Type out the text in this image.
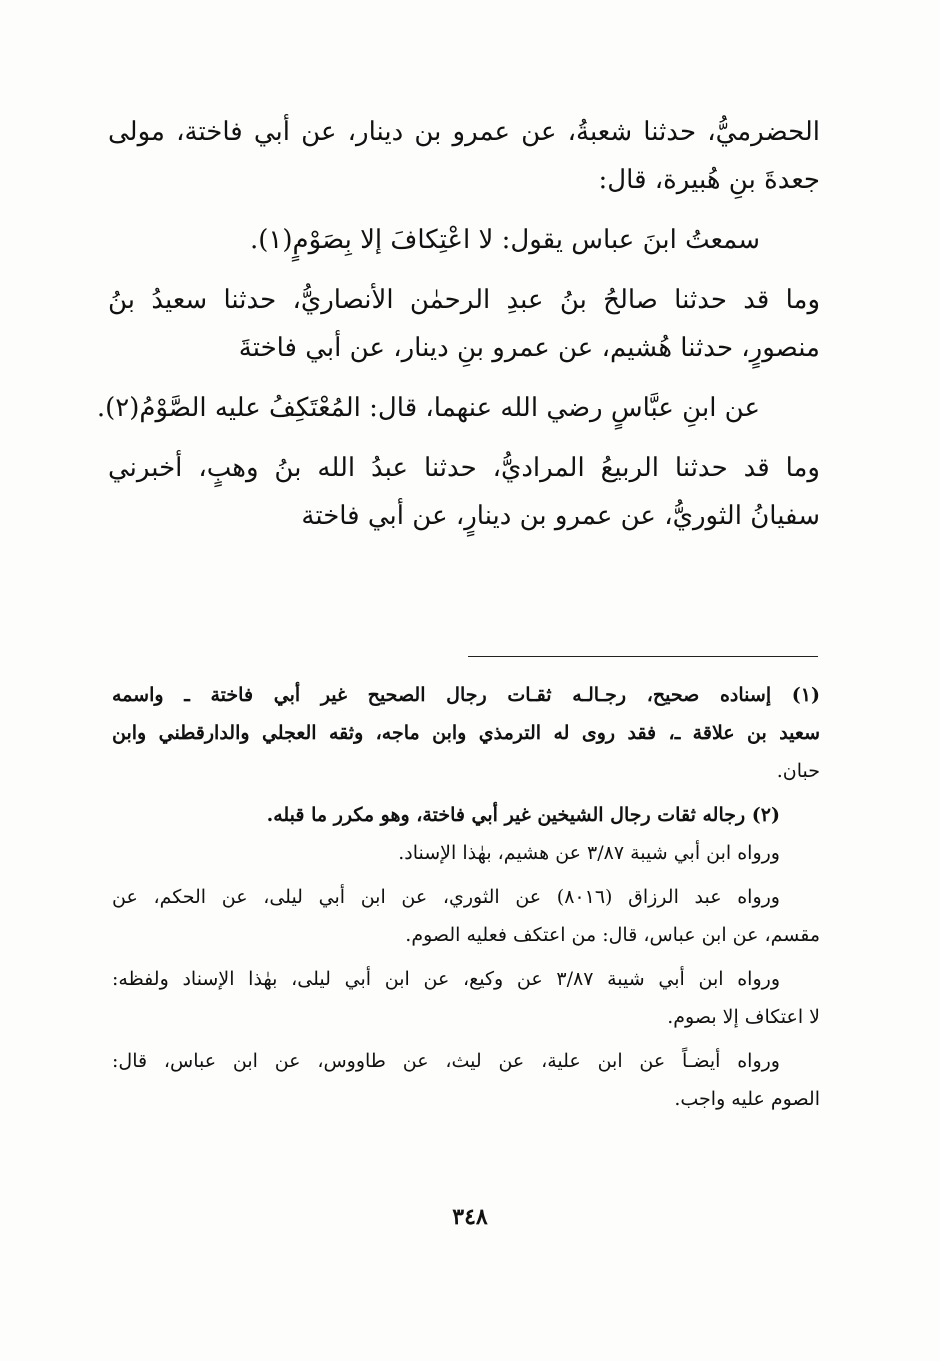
الحضرميُّ، حدثنا شعبةُ، عن عمرو بن دينار، عن أبي فاختة، مولى
جعدةَ بنِ هُبيرة، قال:
سمعتُ ابنَ عباس يقول: لا اعْتِكافَ إلا بِصَوْمٍ(١).
وما قد حدثنا صالحُ بنُ عبدِ الرحمٰن الأنصاريُّ، حدثنا سعيدُ بنُ
منصورٍ، حدثنا هُشيم، عن عمرو بنِ دينار، عن أبي فاختةَ
عن ابنِ عبَّاسٍ رضي الله عنهما، قال: المُعْتَكِفُ عليه الصَّوْمُ(٢).
وما قد حدثنا الربيعُ المراديُّ، حدثنا عبدُ الله بنُ وهبٍ، أخبرني
سفيانُ الثوريُّ، عن عمرو بن دينارٍ، عن أبي فاختة
(١) إسناده صحيح، رجـالـه ثقـات رجال الصحيح غير أبي فاختة ـ واسمه
سعيد بن علاقة ـ، فقد روى له الترمذي وابن ماجه، وثقه العجلي والدارقطني وابن
حبان.
(٢) رجاله ثقات رجال الشيخين غير أبي فاختة، وهو مكرر ما قبله.
ورواه ابن أبي شيبة ٣/٨٧ عن هشيم، بهٰذا الإسناد.
ورواه عبد الرزاق (٨٠١٦) عن الثوري، عن ابن أبي ليلى، عن الحكم، عن
مقسم، عن ابن عباس، قال: من اعتكف فعليه الصوم.
ورواه ابن أبي شيبة ٣/٨٧ عن وكيع، عن ابن أبي ليلى، بهٰذا الإسناد ولفظه:
لا اعتكاف إلا بصوم.
ورواه أيضـاً عن ابن علية، عن ليث، عن طاووس، عن ابن عباس، قال:
الصوم عليه واجب.
٣٤٨
